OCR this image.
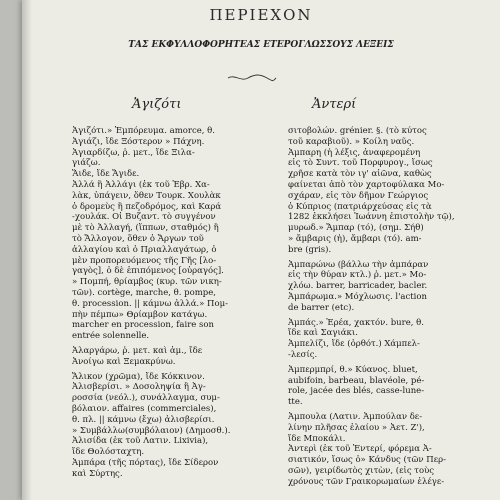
ΠΕΡΙΕΧΟΝ
ΤΑΣ ΕΚΦΥΛΛΟΦΟΡΗΤΕΑΣ ΕΤΕΡΟΓΛΩΣΣΟΥΣ ΛΕΞΕΙΣ
Ἀγιζότι	Ἀντερί
Ἀγιζότι.» Ἐμπόρευμα. amorce, θ.
Ἀγιάζι, ἴδε Ξόστερον » Πάχνη.
Ἀγιαρδίζω, ῥ. μετ., ἴδε Ξιλα-
γιάζω.
Ἅιδε, ἴδε Ἄγιδε.
Ἀλλά ἢ Ἀλλάγι (ἐκ τοῦ Ἐβρ. Χα-
λὰκ, ὑπάγειν, ὅθεν Τουρκ. Χουλὰκ
ὁ δρομεὺς ἢ πεζοδρόμος, καὶ Καρά
-χουλάκ. Οἱ Βυζαντ. τὸ συγγένον
μὲ τὸ Ἀλλαγή, (ἵππων, σταθμός) ἢ
τὸ Ἄλλογον, ὅθεν ὁ Ἄργων τοῦ
ἀλλαγίου καὶ ὁ Πριαλλαγάτωρ, ὁ
μὲν προπορευόμενος τῆς Γῆς [λο-
γαγὸς], ὁ δὲ ἐπιπόμενος [οὐραγός].
» Πομπή, θρίαμβος (κυρ. τῶν νικη-
τῶν). cortège, marche, θ. pompe,
θ. procession. || κάμνω ἀλλά.» Πομ-
πὴν πέμπω» Θρίαμβον κατάγω.
marcher en procession, faire son
entrée solennelle.
Ἀλαργάρω, ῥ. μετ. καὶ ἀμ., ἴδε
Ἀνοίγω καὶ Ξεμακρύνω.
Ἄλικον (χρῶμα), ἴδε Κόκκινον.
Ἀλισβερίσι. » Δοσοληψία ἢ Ἀγ-
ροσσία (νεόλ.), συνάλλαγμα, συμ-
βόλαιον. affaires (commerciales),
θ. πλ. || κάμνω (ἔχω) ἀλισβερίσι.
» Συμβάλλω(συμβόλαιον) (Δημοσθ.).
Ἀλισίδα (ἐκ τοῦ Λατιν. Lixivia),
ἴδε Θολόσταχτη.
Ἀμπάρα (τῆς πόρτας), ἴδε Σίδερον
καὶ Σύρτης.
σιτοβολών. grénier. §. (τὸ κύτος
τοῦ καραβιοῦ). » Κοίλη ναῦς.
Ἀμπαρη (ἡ λέξις, ἀναφερομένη
εἰς τὸ Συντ. τοῦ Πορφυρογ., ἴσως
χρῆσε κατὰ τὸν ιγ' αἰῶνα, καθὼς
φαίνεται ἀπὸ τὸν χαρτοφύλακα Μο-
σχάραν, εἰς τὸν δῆμον Γεώργιος
ὁ Κύπριος (πατριάρχεύσας εἰς τὰ
1282 ἐκκλήσει Ἰωάννη ἐπιστολὴν τῷ),
μυρωδ.» Ἄμπαρ (τό), (σημ. Σήθ)
» ἄμβαρις (ἡ), ἄμβαρι (τό). am-
bre (gris).
Ἀμπαρώνω (βάλλω τὴν ἀμπάραν
εἰς τὴν θύραν κτλ.) ῥ. μετ.» Μο-
χλόω. barrer, barricader, bacler.
Ἀμπάρωμα.» Μόχλωσις. l'action
de barrer (etc).
Ἀμπάς.» Ἐρέα, χακτόν. bure, θ.
ἴδε καὶ Σαγιάκι.
Ἀμπελίζι, ἴδε (ὀρθότ.) Χάμπελ-
-λεσίς.
Ἀμπερμπρί, θ.» Κύανος. bluet,
aubifoin, barbeau, blavéole, pé-
role, jacée des blés, casse-lune-
tte.
Ἀμπουλα (Λατιν. Ἀμπούλαν δε-
λίνην πλῆσας ἐλαίου » Ἀετ. Ζ'),
ἴδε Μποκάλι.
Ἀντερὶ (ἐκ τοῦ Ἐντερί, φόρεμα Ἀ-
σιατικόν, ἴσως ὁ» Κάνδυς (τῶν Περ-
σῶν), γειρίδωτὸς χιτὼν, (εἰς τοὺς
χρόνους τῶν Γραικορωμαίων ἐλέγε-
